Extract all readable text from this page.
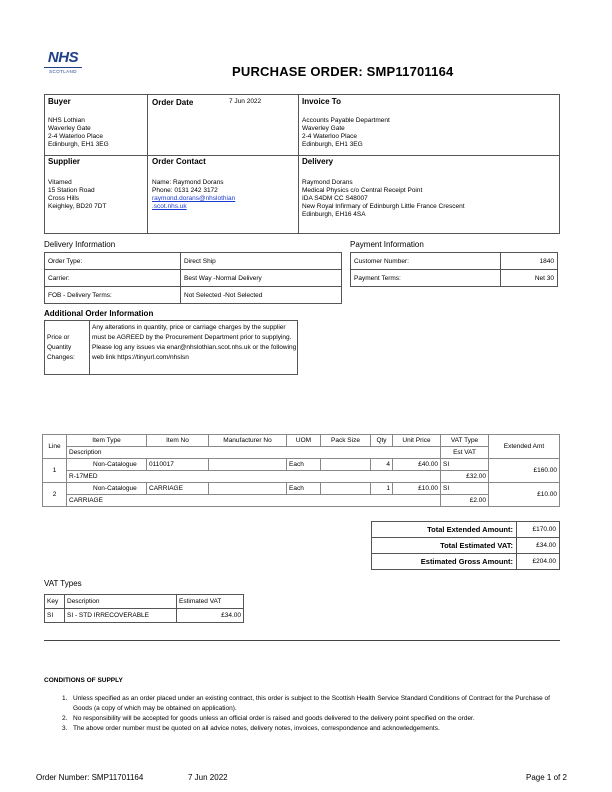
NHS
SCOTLAND	PURCHASE ORDER: SMP11701164
Buyer
NHS Lothian
Waverley Gate
2-4 Waterloo Place
Edinburgh, EH1 3EG
Order Date	7 Jun 2022	Invoice To
Accounts Payable Department
Waverley Gate
2-4 Waterloo Place
Edinburgh, EH1 3EG
Supplier
Vitamed
15 Station Road
Cross Hills
Keighley, BD20 7DT
Order Contact
Name: Raymond Dorans
Phone: 0131 242 3172
raymond.dorans@nhslothian
.scot.nhs.uk
Delivery
Raymond Dorans
Medical Physics c/o Central Receipt Point
IDA S4DM CC S48007
New Royal Infirmary of Edinburgh Little France Crescent
Edinburgh, EH16 4SA
Delivery Information
Order Type:	Direct Ship
Carrier:	Best Way -Normal Delivery
FOB - Delivery Terms:	Not Selected -Not Selected
Payment Information
Customer Number:	1840
Payment Terms:	Net 30
Additional Order Information
Price or Quantity Changes:
Any alterations in quantity, price or carriage charges by the supplier must be AGREED by the Procurement Department prior to supplying. Please log any issues via enar@nhslothian.scot.nhs.uk or the following web link https://tinyurl.com/nhslsn
Line	Item Type	Item No	Manufacturer No	UOM	Pack Size	Qty	Unit Price	VAT Type	Extended Amt
	Description							Est VAT	
1	Non-Catalogue	0110017		Each		4	£40.00	SI	£160.00
	R-17MED							£32.00	
2	Non-Catalogue	CARRIAGE		Each		1	£10.00	SI	£10.00
	CARRIAGE							£2.00	
Total Extended Amount:	£170.00
Total Estimated VAT:	£34.00
Estimated Gross Amount:	£204.00
VAT Types
Key	Description	Estimated VAT
SI	SI - STD IRRECOVERABLE	£34.00
CONDITIONS OF SUPPLY
1. Unless specified as an order placed under an existing contract, this order is subject to the Scottish Health Service Standard Conditions of Contract for the Purchase of Goods (a copy of which may be obtained on application).
2. No responsibility will be accepted for goods unless an official order is raised and goods delivered to the delivery point specified on the order.
3. The above order number must be quoted on all advice notes, delivery notes, invoices, correspondence and acknowledgements.
Order Number: SMP11701164	7 Jun 2022	Page 1 of 2
